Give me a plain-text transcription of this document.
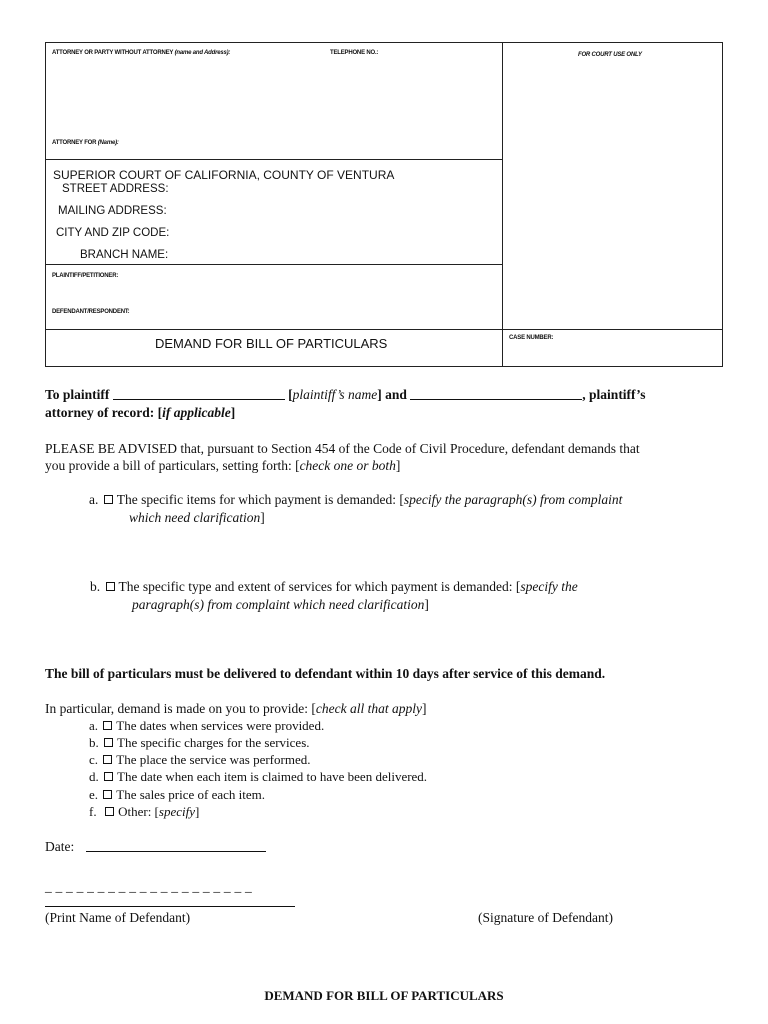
ATTORNEY OR PARTY WITHOUT ATTORNEY (name and Address):	TELEPHONE NO.:	FOR COURT USE ONLY
ATTORNEY FOR (Name):
SUPERIOR COURT OF CALIFORNIA, COUNTY OF VENTURA
STREET ADDRESS:
MAILING ADDRESS:
CITY AND ZIP CODE:
BRANCH NAME:
PLAINTIFF/PETITIONER:
DEFENDANT/RESPONDENT:
DEMAND FOR BILL OF PARTICULARS	CASE NUMBER:
To plaintiff	[plaintiff’s name] and	, plaintiff’s
attorney of record: [if applicable]
PLEASE BE ADVISED that, pursuant to Section 454 of the Code of Civil Procedure, defendant demands that
you provide a bill of particulars, setting forth: [check one or both]
a. The specific items for which payment is demanded: [specify the paragraph(s) from complaint
which need clarification]
b. The specific type and extent of services for which payment is demanded: [specify the
paragraph(s) from complaint which need clarification]
The bill of particulars must be delivered to defendant within 10 days after service of this demand.
In particular, demand is made on you to provide: [check all that apply]
a. The dates when services were provided.
b. The specific charges for the services.
c. The place the service was performed.
d. The date when each item is claimed to have been delivered.
e. The sales price of each item.
f. Other: [specify]
Date:
_ _ _ _ _ _ _ _ _ _ _ _ _ _ _ _ _ _ _ _
(Print Name of Defendant)	(Signature of Defendant)
DEMAND FOR BILL OF PARTICULARS
